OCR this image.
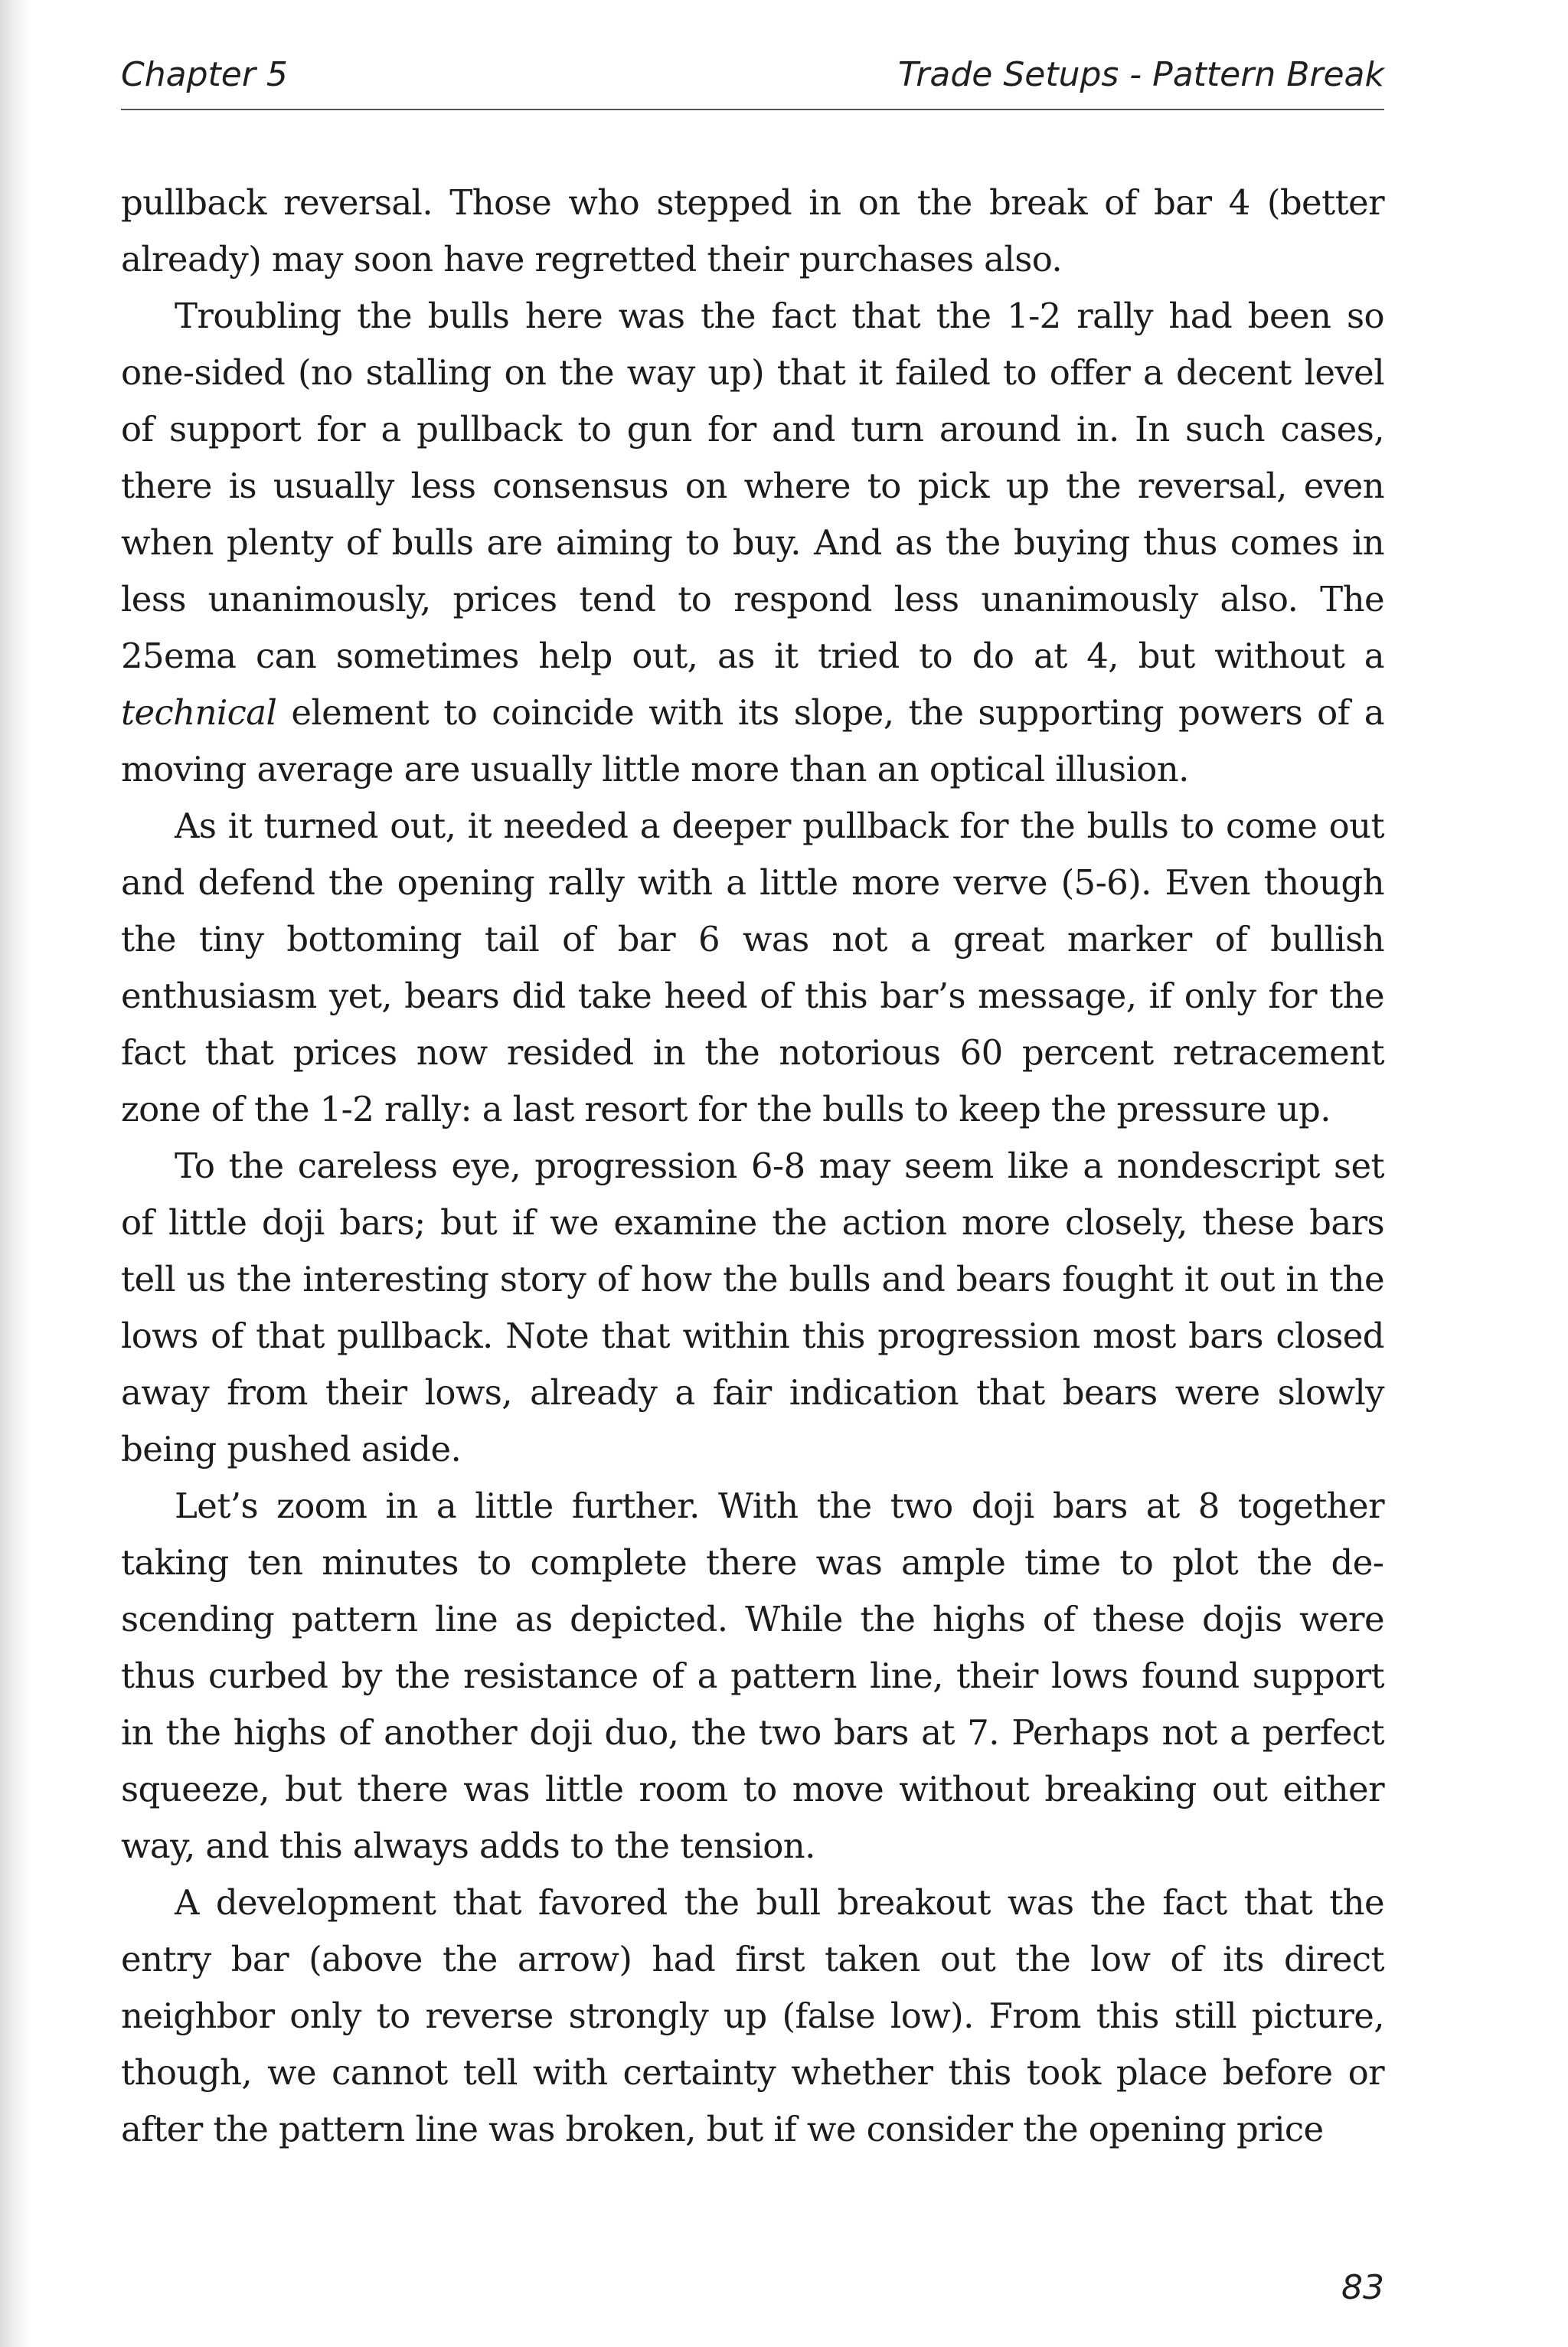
Chapter 5	Trade Setups - Pattern Break

pullback reversal. Those who stepped in on the break of bar 4 (better already) may soon have regretted their purchases also.

Troubling the bulls here was the fact that the 1-2 rally had been so one-sided (no stalling on the way up) that it failed to offer a decent level of support for a pullback to gun for and turn around in. In such cases, there is usually less consensus on where to pick up the reversal, even when plenty of bulls are aiming to buy. And as the buying thus comes in less unanimously, prices tend to respond less unanimously also. The 25ema can sometimes help out, as it tried to do at 4, but without a technical element to coincide with its slope, the supporting powers of a moving average are usually little more than an optical illusion.

As it turned out, it needed a deeper pullback for the bulls to come out and defend the opening rally with a little more verve (5-6). Even though the tiny bottoming tail of bar 6 was not a great marker of bullish enthusiasm yet, bears did take heed of this bar’s message, if only for the fact that prices now resided in the notorious 60 percent retracement zone of the 1-2 rally: a last resort for the bulls to keep the pressure up.

To the careless eye, progression 6-8 may seem like a nondescript set of little doji bars; but if we examine the action more closely, these bars tell us the interesting story of how the bulls and bears fought it out in the lows of that pullback. Note that within this progression most bars closed away from their lows, already a fair indication that bears were slowly being pushed aside.

Let’s zoom in a little further. With the two doji bars at 8 together taking ten minutes to complete there was ample time to plot the descending pattern line as depicted. While the highs of these dojis were thus curbed by the resistance of a pattern line, their lows found support in the highs of another doji duo, the two bars at 7. Perhaps not a perfect squeeze, but there was little room to move without breaking out either way, and this always adds to the tension.

A development that favored the bull breakout was the fact that the entry bar (above the arrow) had first taken out the low of its direct neighbor only to reverse strongly up (false low). From this still picture, though, we cannot tell with certainty whether this took place before or after the pattern line was broken, but if we consider the opening price

83
